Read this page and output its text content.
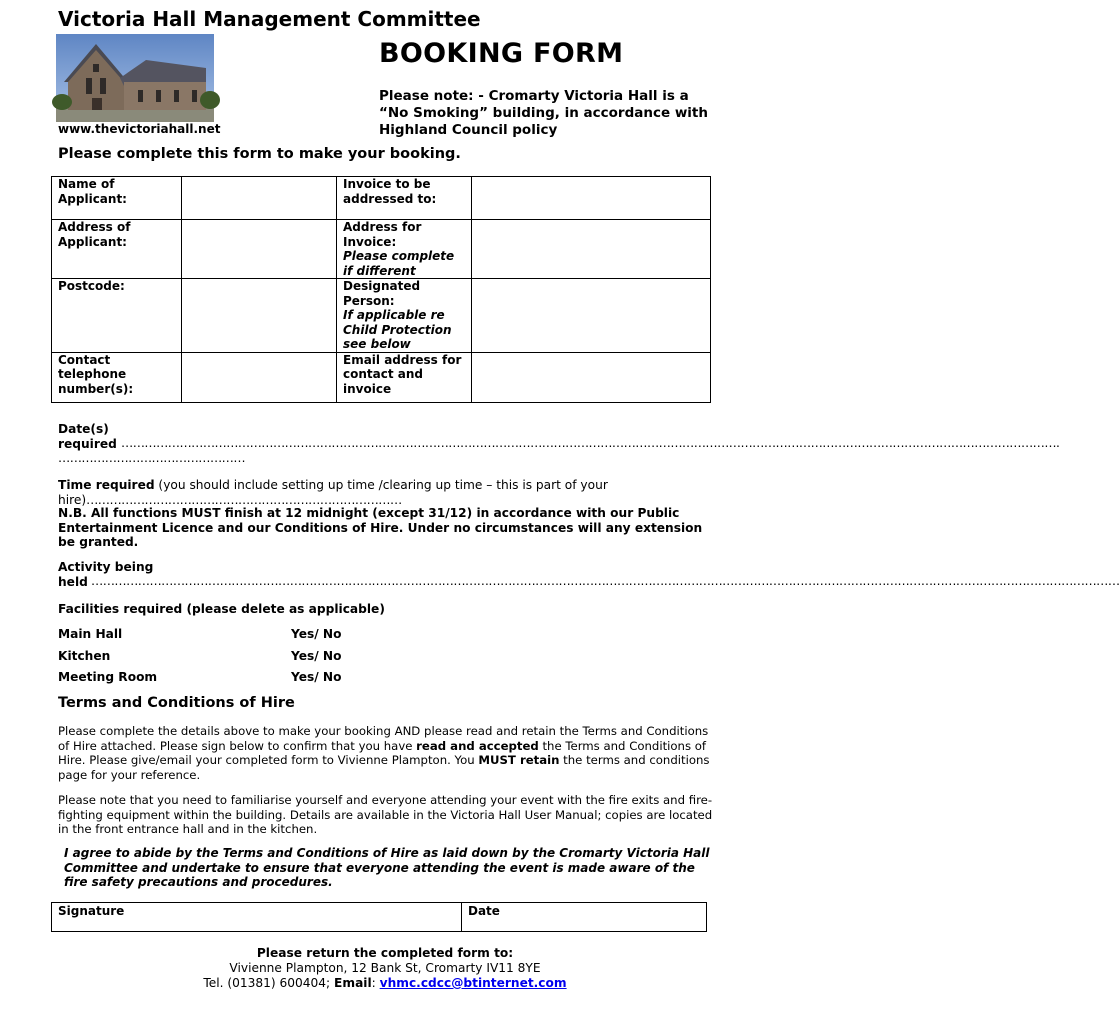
Victoria Hall Management Committee
www.thevictoriahall.net
BOOKING FORM
Please note: - Cromarty Victoria Hall is a “No Smoking” building, in accordance with Highland Council policy
Please complete this form to make your booking.
Name of Applicant:		Invoice to be addressed to:	
Address of Applicant:		Address for Invoice:
Please complete if different	
Postcode:		Designated Person:
If applicable re Child Protection see below	
Contact telephone number(s):		Email address for contact and invoice	
Date(s) required …………………………………………………………………………………………………………………………………………………………………………………………………………………….
…………………………………………
Time required (you should include setting up time /clearing up time – this is part of your hire)………………………………………………………………………
N.B. All functions MUST finish at 12 midnight (except 31/12) in accordance with our Public Entertainment Licence and our Conditions of Hire. Under no circumstances will any extension be granted.
Activity being held …………………………………………………………………………………………………………………………………………………………………………………………………………………………………………
Facilities required (please delete as applicable)
Main Hall	Yes/ No
Kitchen	Yes/ No
Meeting Room	Yes/ No
Terms and Conditions of Hire
Please complete the details above to make your booking AND please read and retain the Terms and Conditions of Hire attached. Please sign below to confirm that you have read and accepted the Terms and Conditions of Hire. Please give/email your completed form to Vivienne Plampton. You MUST retain the terms and conditions page for your reference.
Please note that you need to familiarise yourself and everyone attending your event with the fire exits and fire-fighting equipment within the building. Details are available in the Victoria Hall User Manual; copies are located in the front entrance hall and in the kitchen.
I agree to abide by the Terms and Conditions of Hire as laid down by the Cromarty Victoria Hall Committee and undertake to ensure that everyone attending the event is made aware of the fire safety precautions and procedures.
Signature	Date
Please return the completed form to:
Vivienne Plampton, 12 Bank St, Cromarty IV11 8YE
Tel. (01381) 600404; Email: vhmc.cdcc@btinternet.com
